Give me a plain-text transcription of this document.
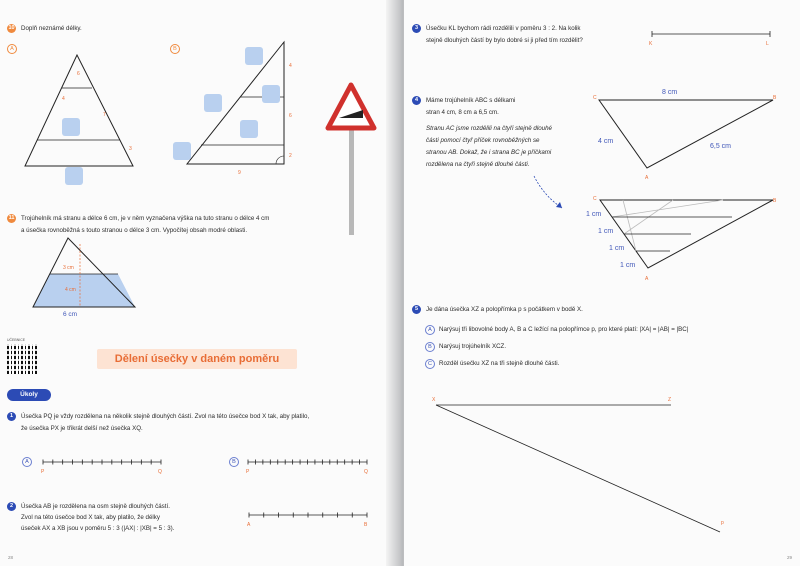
10 Doplň neznámé délky.
A	B
6
4
7
3
4
6
2
9
11 Trojúhelník má stranu a délce 6 cm, je v něm vyznačena výška na tuto stranu o délce 4 cm
a úsečka rovnoběžná s touto stranou o délce 3 cm. Vypočítej obsah modré oblasti.
3 cm
4 cm
6 cm
UČEBNICE
Dělení úsečky v daném poměru
Úkoly
1	Úsečka PQ je vždy rozdělena na několik stejně dlouhých částí. Zvol na této úsečce bod X tak, aby platilo,
že úsečka PX je třikrát delší než úsečka XQ.
A	B
P	Q	P	Q
A	B
2	Úsečka AB je rozdělena na osm stejně dlouhých částí.
Zvol na této úsečce bod X tak, aby platilo, že délky
úseček AX a XB jsou v poměru 5 : 3 (|AX| : |XB| = 5 : 3).
28
3	Úsečku KL bychom rádi rozdělili v poměru 3 : 2. Na kolik
stejně dlouhých částí by bylo dobré si ji před tím rozdělit?	K	L
C	B
A
8 cm
4 cm
6,5 cm
C	B
A
1 cm
1 cm
1 cm
1 cm
X	Z
p
4	Máme trojúhelník ABC s délkami
stran 4 cm, 8 cm a 6,5 cm.
Stranu AC jsme rozdělili na čtyři stejně dlouhé
části pomocí čtyř příček rovnoběžných se
stranou AB. Dokaž, že i strana BC je příčkami
rozdělena na čtyři stejně dlouhé části.
5	Je dána úsečka XZ a polopřímka p s počátkem v bodě X.
A	Narýsuj tři libovolné body A, B a C ležící na polopřímce p, pro které platí: |XA| = |AB| = |BC|
B	Narýsuj trojúhelník XCZ.
C	Rozděl úsečku XZ na tři stejně dlouhé části.
29
